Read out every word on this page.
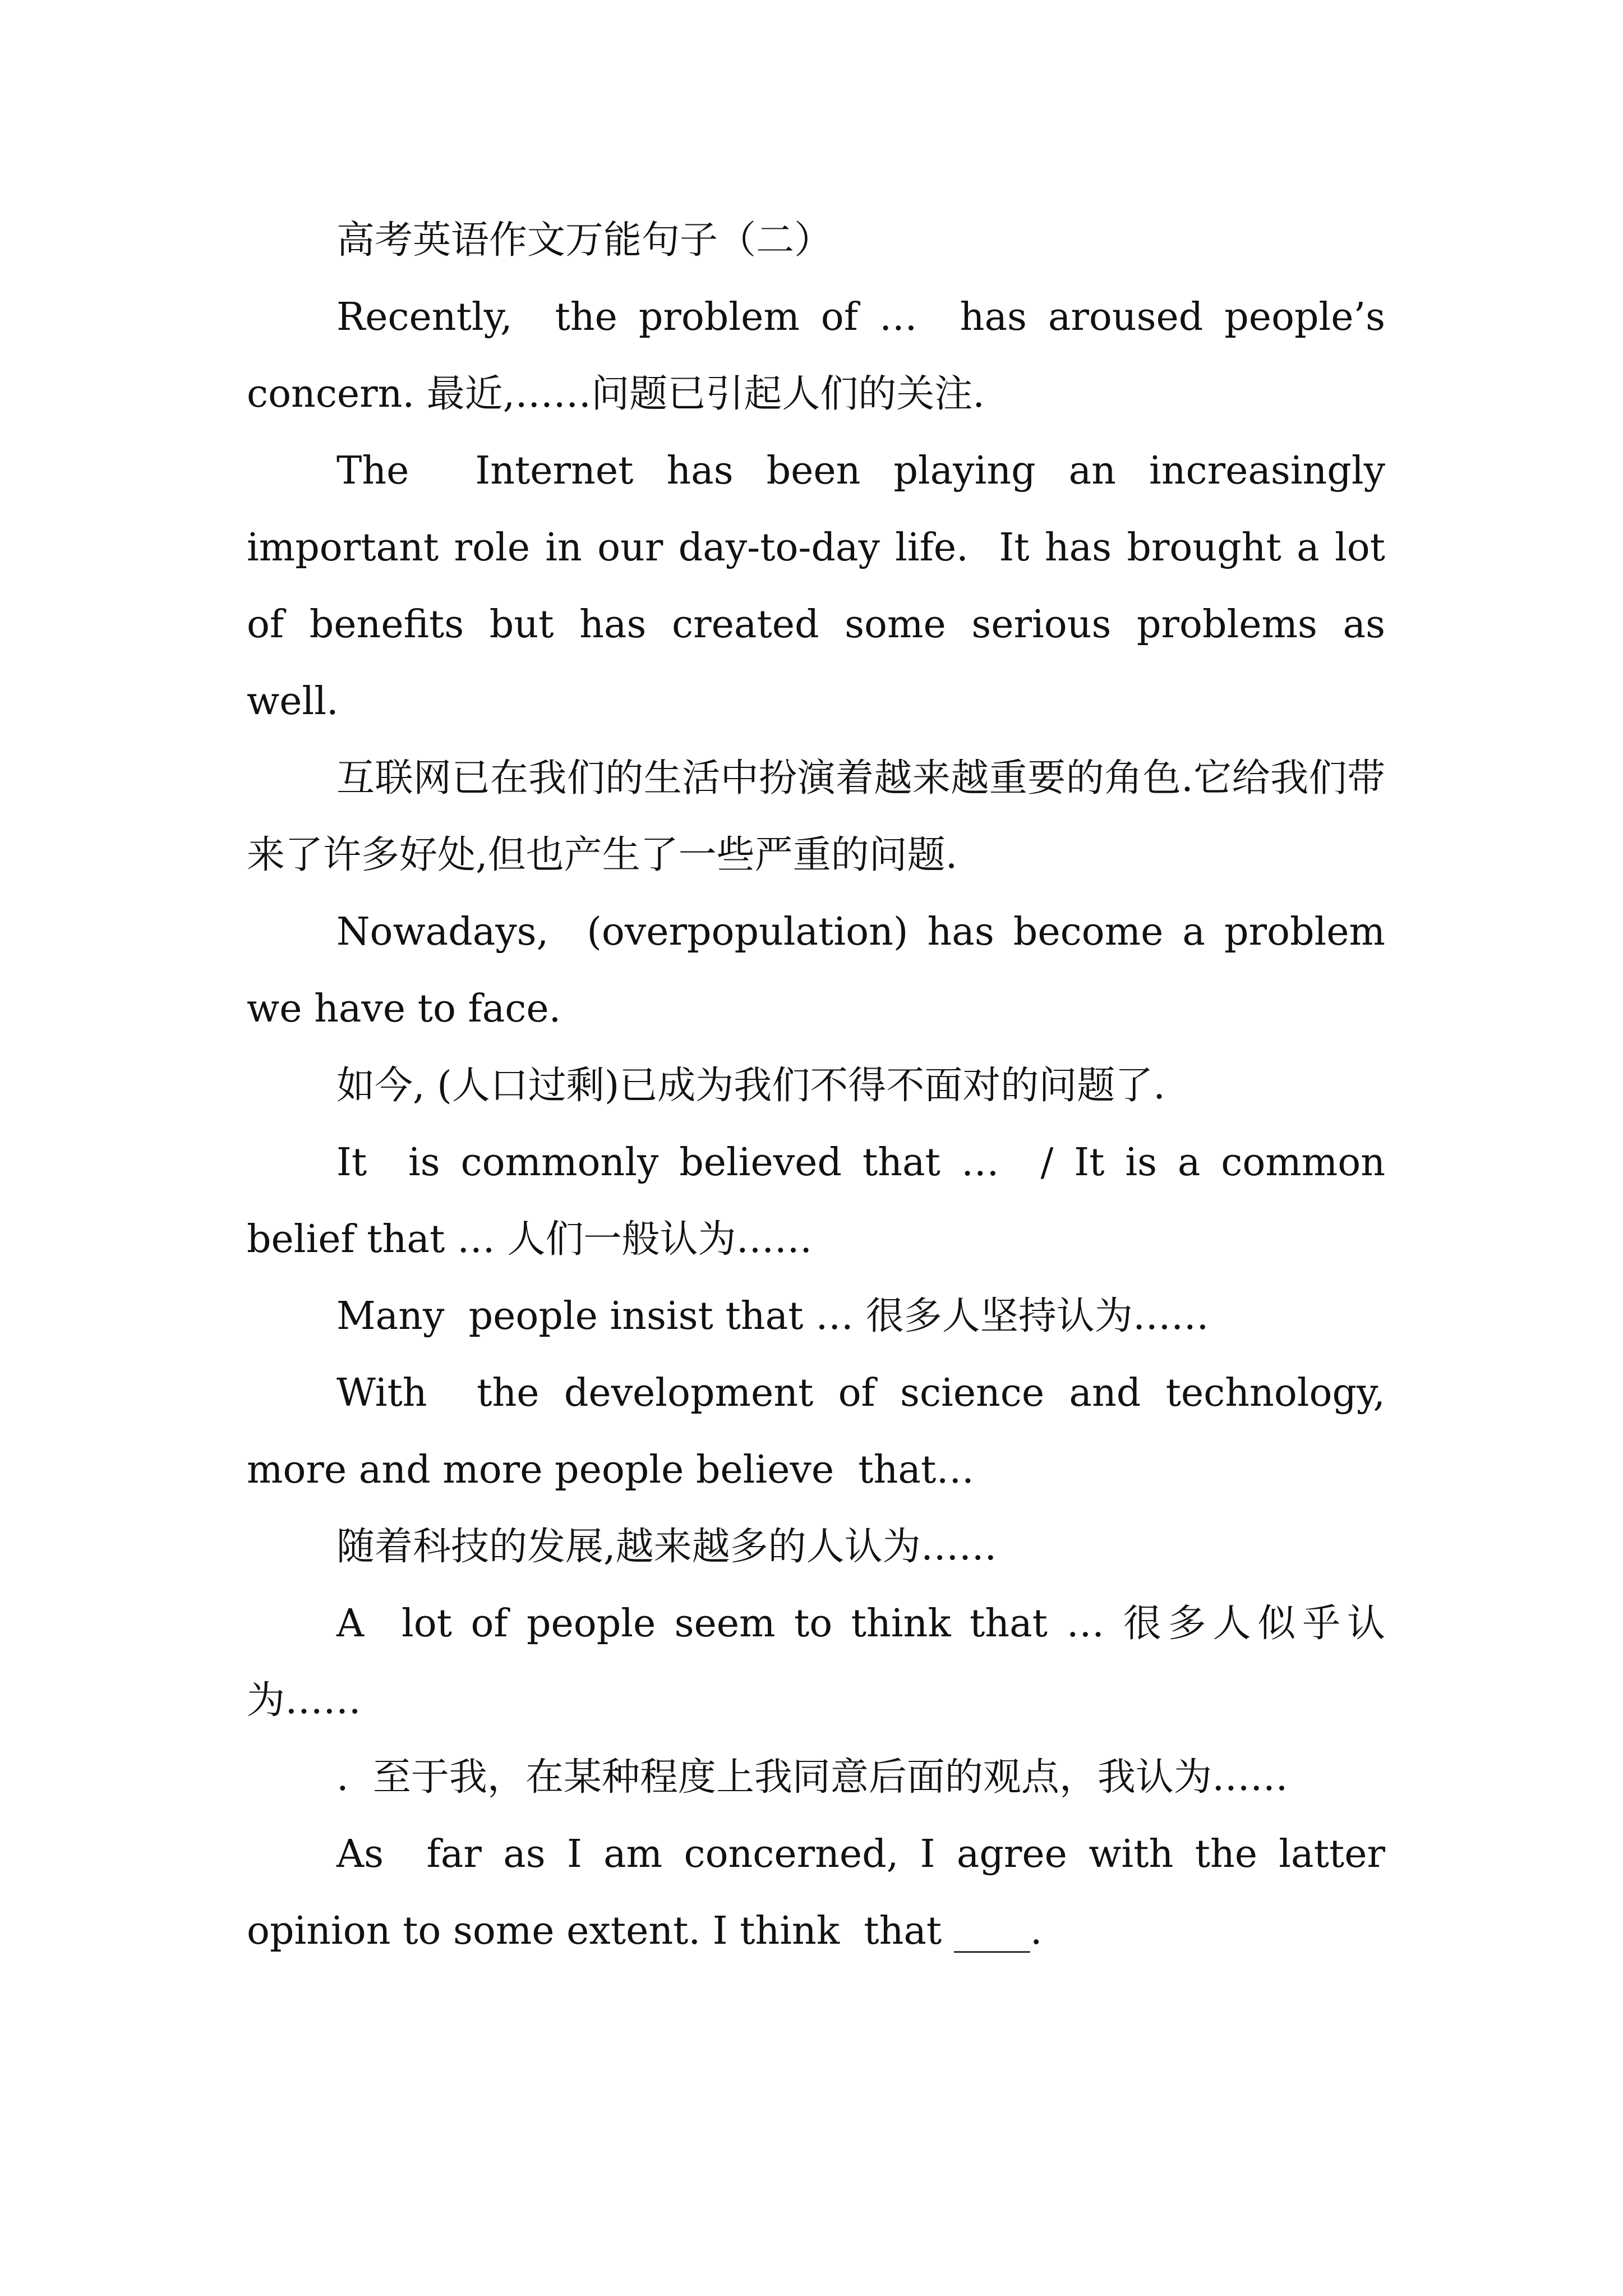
高考英语作文万能句子（二）

Recently,  the problem of …  has aroused people’s concern. 最近,……问题已引起人们的关注.

The  Internet has been playing an increasingly important role in our day-to-day life.  It has brought a lot of benefits but has created some serious problems as  well.

互联网已在我们的生活中扮演着越来越重要的角色.它给我们带来了许多好处,但也产生了一些严重的问题.

Nowadays,  (overpopulation) has become a problem we have to face.

如今, (人口过剩)已成为我们不得不面对的问题了.

It  is commonly believed that …  / It is a common belief that … 人们一般认为……

Many  people insist that … 很多人坚持认为……

With  the development of science and technology, more and more people believe  that…

随着科技的发展,越来越多的人认为……

A  lot of people seem to think that … 很多人似乎认为……

.  至于我，在某种程度上我同意后面的观点，我认为……

As  far as I am concerned, I agree with the latter opinion to some extent. I think  that ____.
